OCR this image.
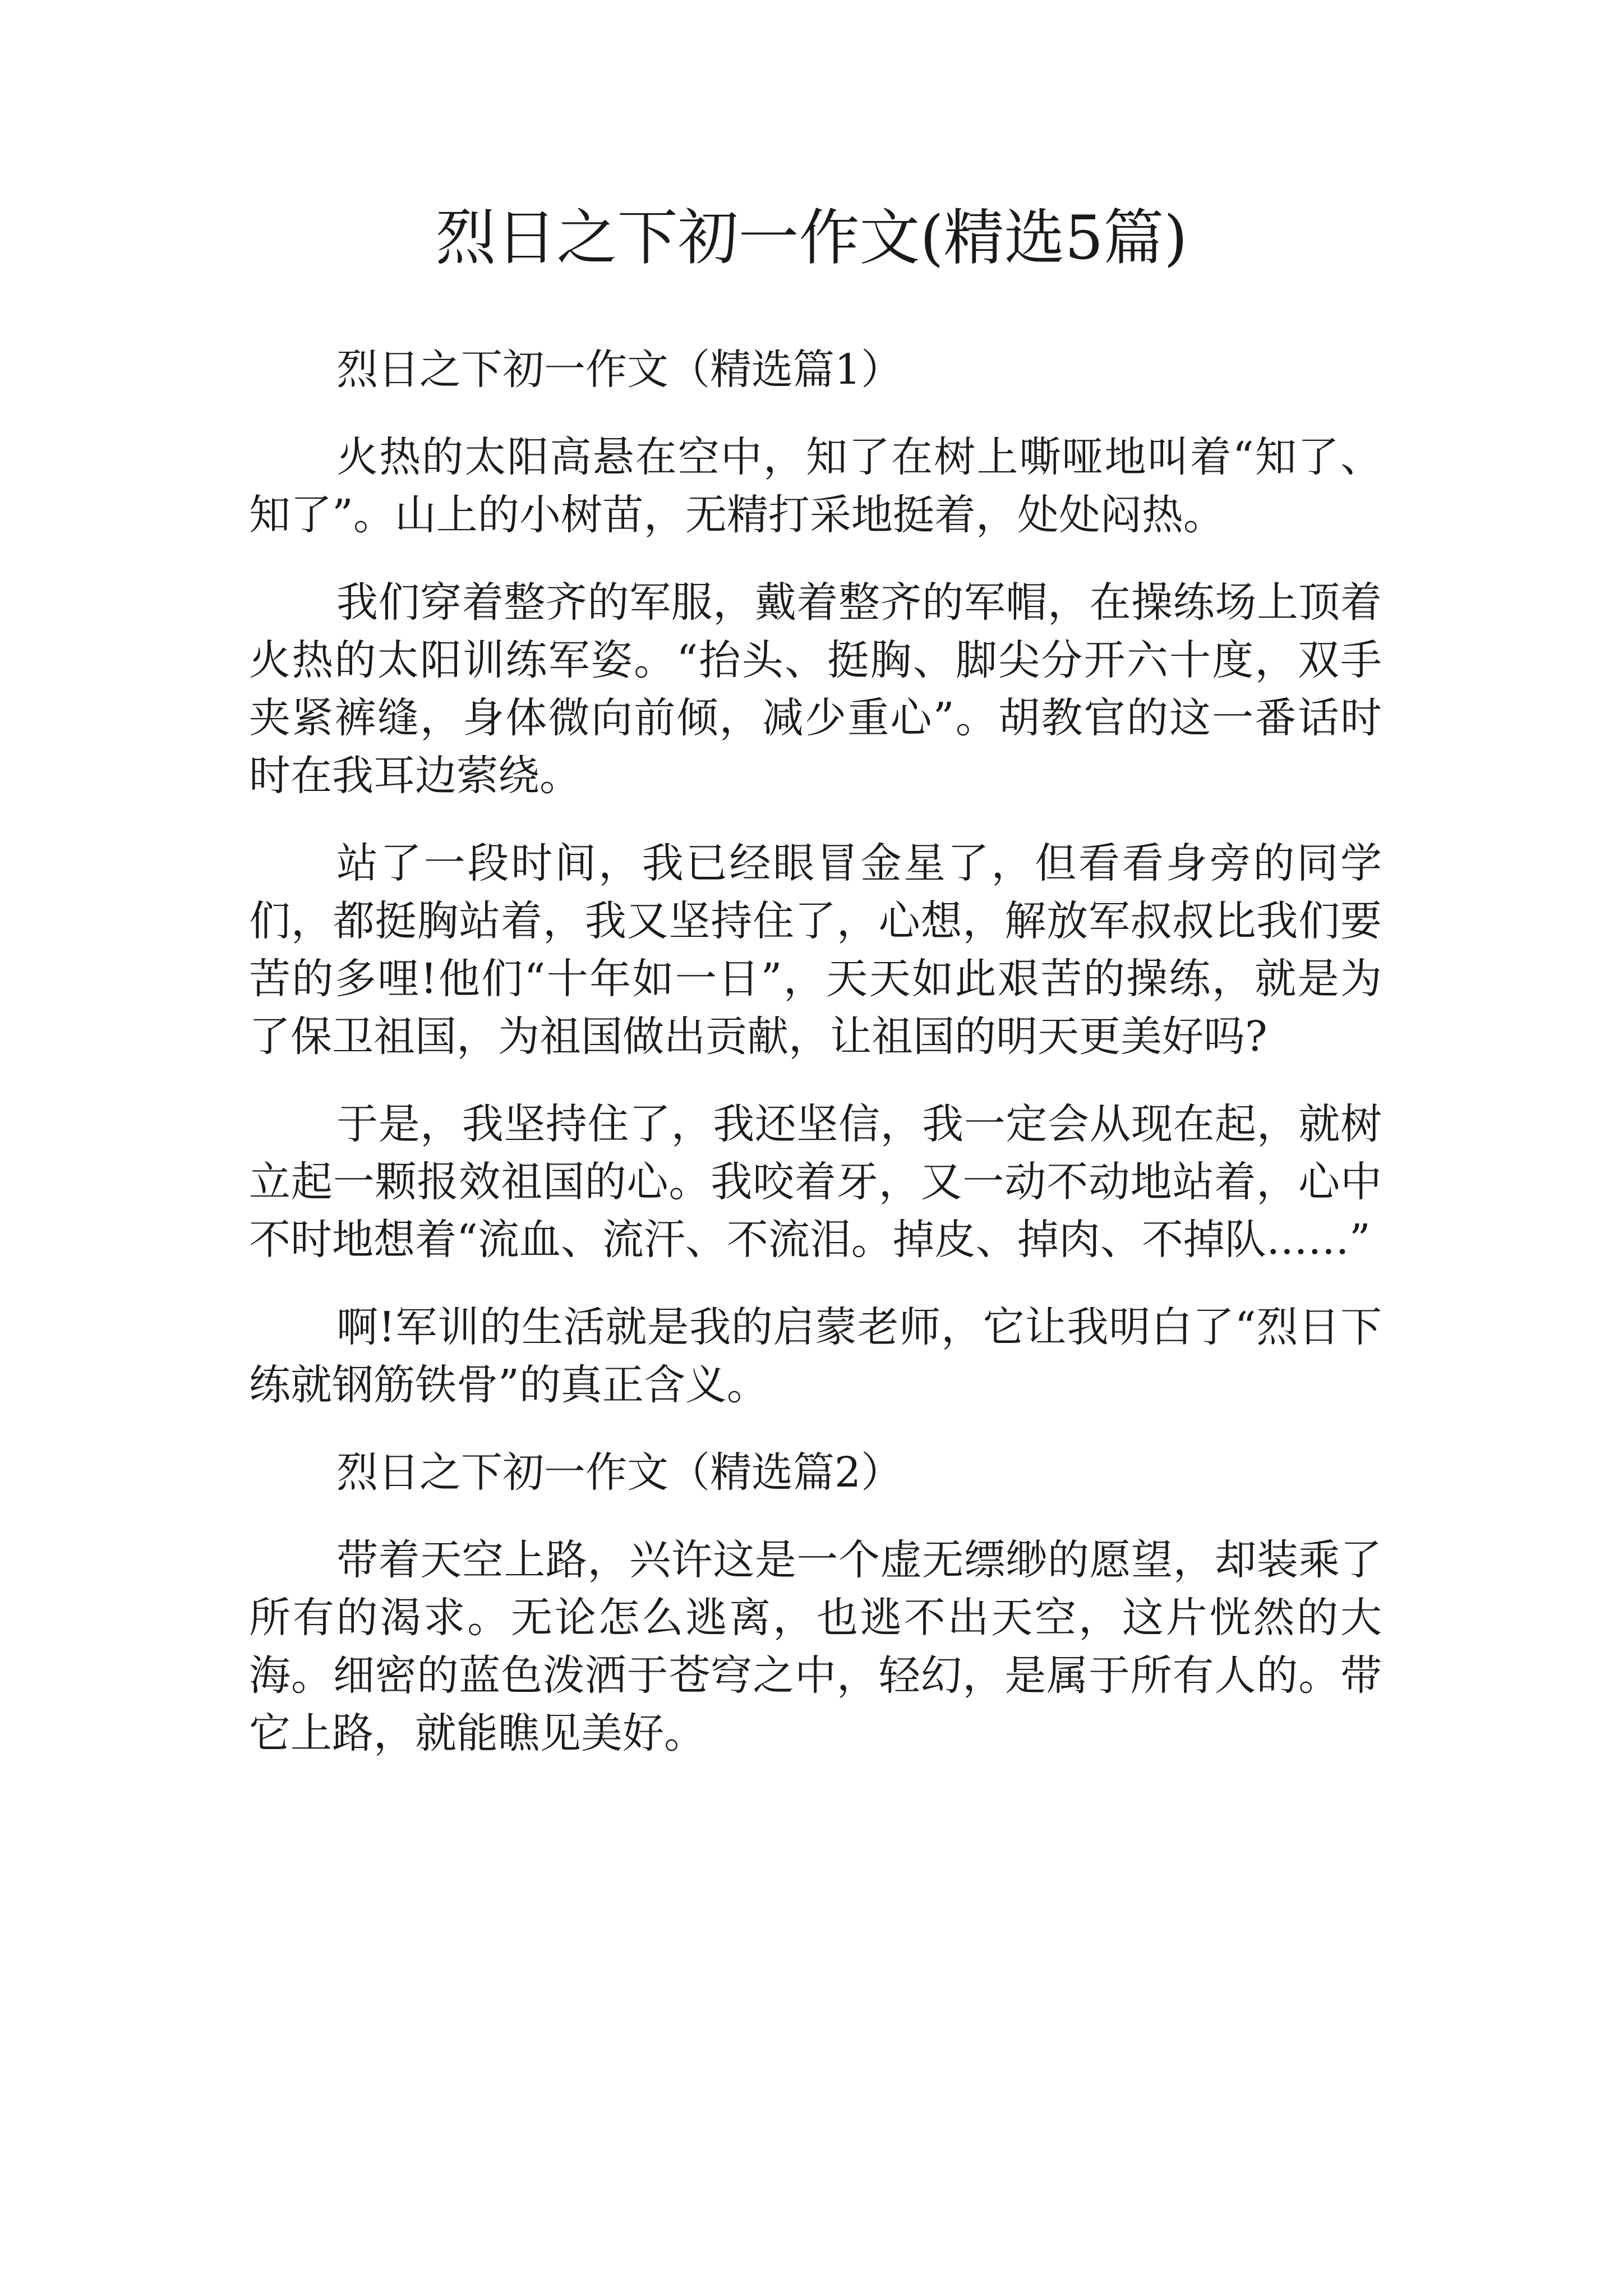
烈日之下初一作文(精选5篇)

烈日之下初一作文（精选篇1）

火热的太阳高悬在空中，知了在树上嘶哑地叫着“知了、知了”。山上的小树苗，无精打采地挺着，处处闷热。

我们穿着整齐的军服，戴着整齐的军帽，在操练场上顶着火热的太阳训练军姿。“抬头、挺胸、脚尖分开六十度，双手夹紧裤缝，身体微向前倾，减少重心”。胡教官的这一番话时时在我耳边萦绕。

站了一段时间，我已经眼冒金星了，但看看身旁的同学们，都挺胸站着，我又坚持住了，心想，解放军叔叔比我们要苦的多哩!他们“十年如一日”，天天如此艰苦的操练，就是为了保卫祖国，为祖国做出贡献，让祖国的明天更美好吗?

于是，我坚持住了，我还坚信，我一定会从现在起，就树立起一颗报效祖国的心。我咬着牙，又一动不动地站着，心中不时地想着“流血、流汗、不流泪。掉皮、掉肉、不掉队……”

啊!军训的生活就是我的启蒙老师，它让我明白了“烈日下练就钢筋铁骨”的真正含义。

烈日之下初一作文（精选篇2）

带着天空上路，兴许这是一个虚无缥缈的愿望，却装乘了所有的渴求。无论怎么逃离，也逃不出天空，这片恍然的大海。细密的蓝色泼洒于苍穹之中，轻幻，是属于所有人的。带它上路，就能瞧见美好。
